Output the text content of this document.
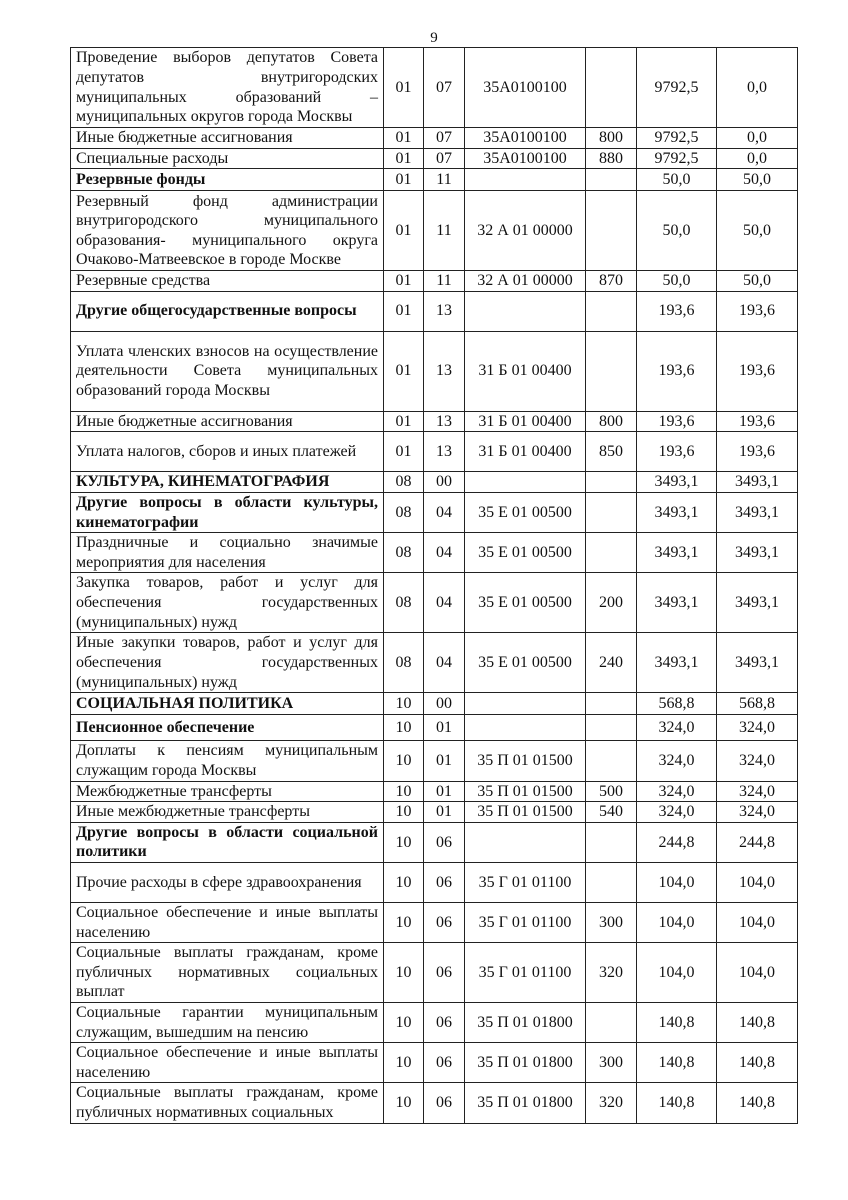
9
Проведение выборов депутатов Совета депутатов внутригородских муниципальных образований – муниципальных округов города Москвы	01	07	35А0100100		9792,5	0,0
Иные бюджетные ассигнования	01	07	35А0100100	800	9792,5	0,0
Специальные расходы	01	07	35А0100100	880	9792,5	0,0
Резервные фонды	01	11			50,0	50,0
Резервный фонд администрации внутригородского муниципального образования- муниципального округа Очаково-Матвеевское в городе Москве	01	11	32 А 01 00000		50,0	50,0
Резервные средства	01	11	32 А 01 00000	870	50,0	50,0
Другие общегосударственные вопросы	01	13			193,6	193,6
Уплата членских взносов на осуществление деятельности Совета муниципальных образований города Москвы	01	13	31 Б 01 00400		193,6	193,6
Иные бюджетные ассигнования	01	13	31 Б 01 00400	800	193,6	193,6
Уплата налогов, сборов и иных платежей	01	13	31 Б 01 00400	850	193,6	193,6
КУЛЬТУРА, КИНЕМАТОГРАФИЯ	08	00			3493,1	3493,1
Другие вопросы в области культуры, кинематографии	08	04	35 Е 01 00500		3493,1	3493,1
Праздничные и социально значимые мероприятия для населения	08	04	35 Е 01 00500		3493,1	3493,1
Закупка товаров, работ и услуг для обеспечения государственных (муниципальных) нужд	08	04	35 Е 01 00500	200	3493,1	3493,1
Иные закупки товаров, работ и услуг для обеспечения государственных (муниципальных) нужд	08	04	35 Е 01 00500	240	3493,1	3493,1
СОЦИАЛЬНАЯ ПОЛИТИКА	10	00			568,8	568,8
Пенсионное обеспечение	10	01			324,0	324,0
Доплаты к пенсиям муниципальным служащим города Москвы	10	01	35 П 01 01500		324,0	324,0
Межбюджетные трансферты	10	01	35 П 01 01500	500	324,0	324,0
Иные межбюджетные трансферты	10	01	35 П 01 01500	540	324,0	324,0
Другие вопросы в области социальной политики	10	06			244,8	244,8
Прочие расходы в сфере здравоохранения	10	06	35 Г 01 01100		104,0	104,0
Социальное обеспечение и иные выплаты населению	10	06	35 Г 01 01100	300	104,0	104,0
Социальные выплаты гражданам, кроме публичных нормативных социальных выплат	10	06	35 Г 01 01100	320	104,0	104,0
Социальные гарантии муниципальным служащим, вышедшим на пенсию	10	06	35 П 01 01800		140,8	140,8
Социальное обеспечение и иные выплаты населению	10	06	35 П 01 01800	300	140,8	140,8
Социальные выплаты гражданам, кроме публичных нормативных социальных	10	06	35 П 01 01800	320	140,8	140,8
